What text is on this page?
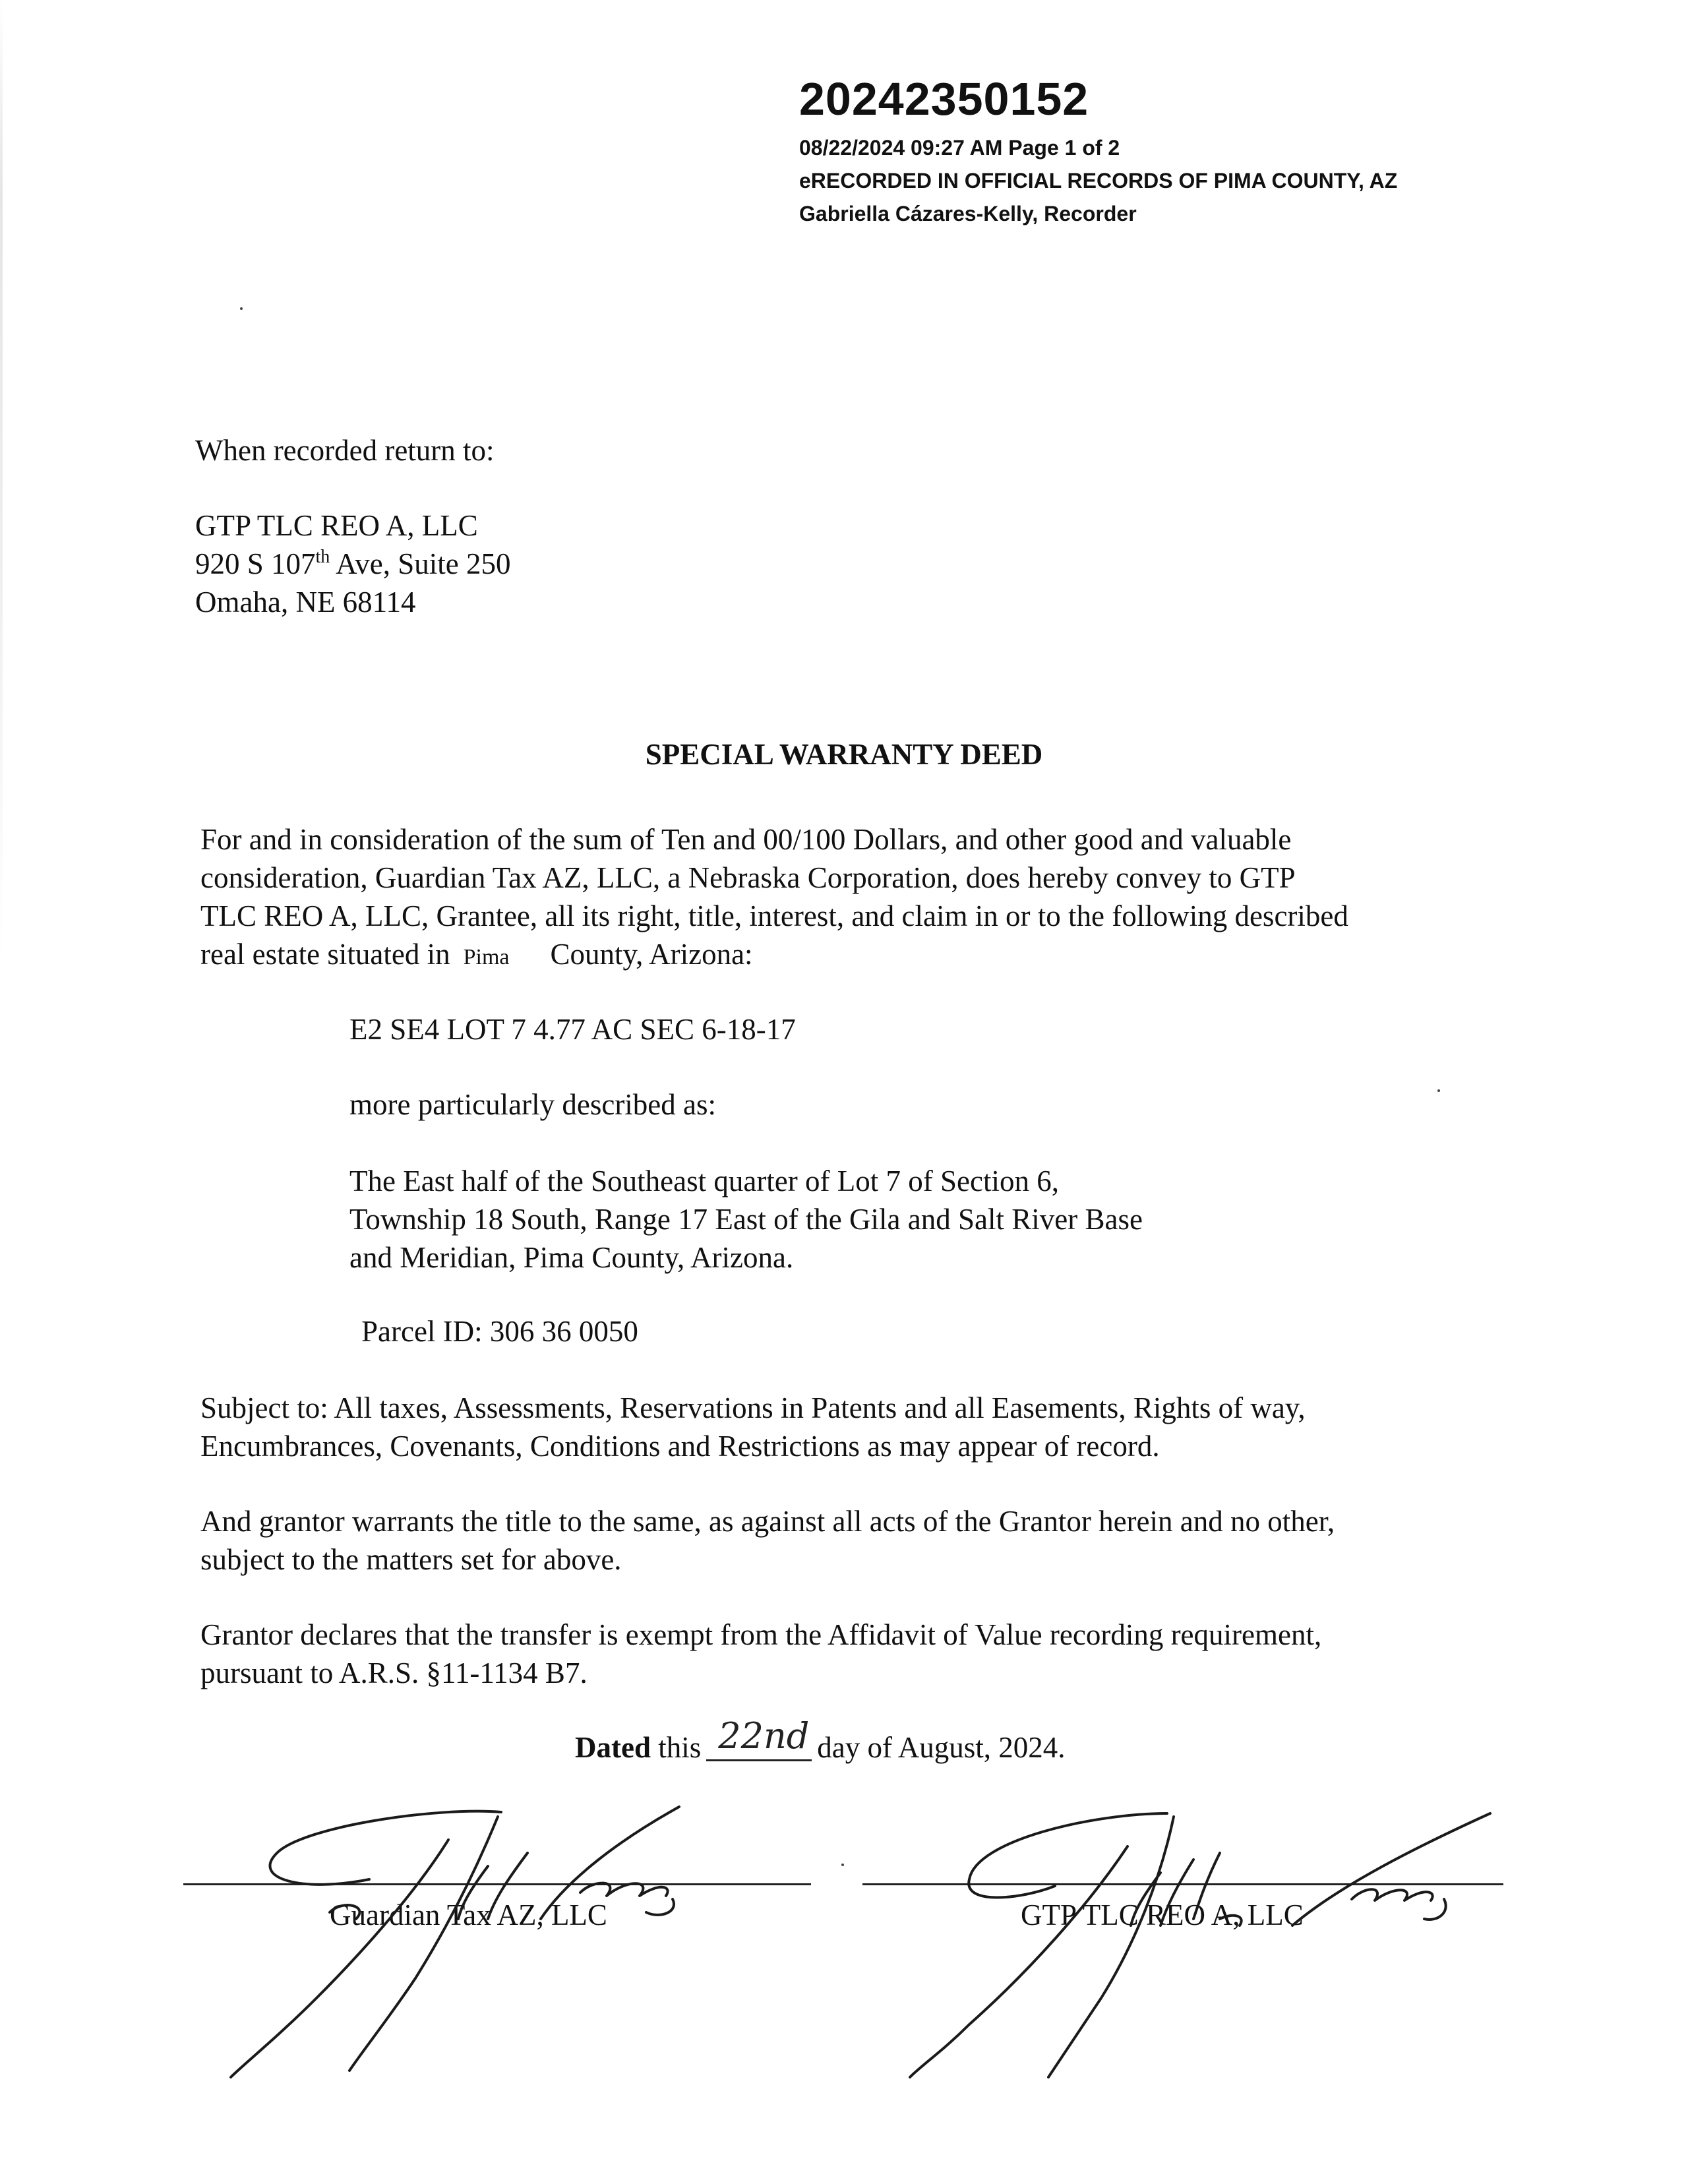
20242350152
08/22/2024 09:27 AM Page 1 of 2
eRECORDED IN OFFICIAL RECORDS OF PIMA COUNTY, AZ
Gabriella Cázares-Kelly, Recorder
When recorded return to:
GTP TLC REO A, LLC
920 S 107th Ave, Suite 250
Omaha, NE 68114
SPECIAL WARRANTY DEED
For and in consideration of the sum of Ten and 00/100 Dollars, and other good and valuable
consideration, Guardian Tax AZ, LLC, a Nebraska Corporation, does hereby convey to GTP
TLC REO A, LLC, Grantee, all its right, title, interest, and claim in or to the following described
real estate situated in Pima County, Arizona:
E2 SE4 LOT 7 4.77 AC SEC 6-18-17
more particularly described as:
The East half of the Southeast quarter of Lot 7 of Section 6,
Township 18 South, Range 17 East of the Gila and Salt River Base
and Meridian, Pima County, Arizona.
Parcel ID: 306 36 0050
Subject to: All taxes, Assessments, Reservations in Patents and all Easements, Rights of way,
Encumbrances, Covenants, Conditions and Restrictions as may appear of record.
And grantor warrants the title to the same, as against all acts of the Grantor herein and no other,
subject to the matters set for above.
Grantor declares that the transfer is exempt from the Affidavit of Value recording requirement,
pursuant to A.R.S. §11-1134 B7.
Dated this 22nd day of August, 2024.
Guardian Tax AZ, LLC	GTP TLC REO A, LLC
